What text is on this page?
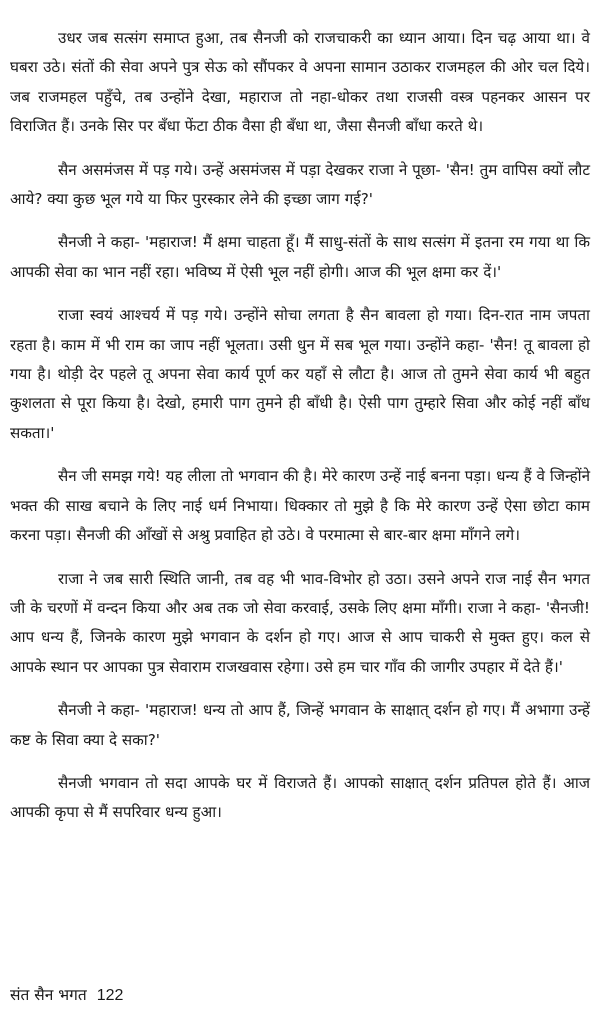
उधर जब सत्संग समाप्त हुआ, तब सैनजी को राजचाकरी का ध्यान आया। दिन चढ़ आया था। वे घबरा उठे। संतों की सेवा अपने पुत्र सेऊ को सौंपकर वे अपना सामान उठाकर राजमहल की ओर चल दिये। जब राजमहल पहुँचे, तब उन्होंने देखा, महाराज तो नहा-धोकर तथा राजसी वस्त्र पहनकर आसन पर विराजित हैं। उनके सिर पर बँधा फेंटा ठीक वैसा ही बँधा था, जैसा सैनजी बाँधा करते थे।

सैन असमंजस में पड़ गये। उन्हें असमंजस में पड़ा देखकर राजा ने पूछा- 'सैन! तुम वापिस क्यों लौट आये? क्या कुछ भूल गये या फिर पुरस्कार लेने की इच्छा जाग गई?'

सैनजी ने कहा- 'महाराज! मैं क्षमा चाहता हूँ। मैं साधु-संतों के साथ सत्संग में इतना रम गया था कि आपकी सेवा का भान नहीं रहा। भविष्य में ऐसी भूल नहीं होगी। आज की भूल क्षमा कर दें।'

राजा स्वयं आश्चर्य में पड़ गये। उन्होंने सोचा लगता है सैन बावला हो गया। दिन-रात नाम जपता रहता है। काम में भी राम का जाप नहीं भूलता। उसी धुन में सब भूल गया। उन्होंने कहा- 'सैन! तू बावला हो गया है। थोड़ी देर पहले तू अपना सेवा कार्य पूर्ण कर यहाँ से लौटा है। आज तो तुमने सेवा कार्य भी बहुत कुशलता से पूरा किया है। देखो, हमारी पाग तुमने ही बाँधी है। ऐसी पाग तुम्हारे सिवा और कोई नहीं बाँध सकता।'

सैन जी समझ गये! यह लीला तो भगवान की है। मेरे कारण उन्हें नाई बनना पड़ा। धन्य हैं वे जिन्होंने भक्त की साख बचाने के लिए नाई धर्म निभाया। धिक्कार तो मुझे है कि मेरे कारण उन्हें ऐसा छोटा काम करना पड़ा। सैनजी की आँखों से अश्रु प्रवाहित हो उठे। वे परमात्मा से बार-बार क्षमा माँगने लगे।

राजा ने जब सारी स्थिति जानी, तब वह भी भाव-विभोर हो उठा। उसने अपने राज नाई सैन भगत जी के चरणों में वन्दन किया और अब तक जो सेवा करवाई, उसके लिए क्षमा माँगी। राजा ने कहा- 'सैनजी! आप धन्य हैं, जिनके कारण मुझे भगवान के दर्शन हो गए। आज से आप चाकरी से मुक्त हुए। कल से आपके स्थान पर आपका पुत्र सेवाराम राजखवास रहेगा। उसे हम चार गाँव की जागीर उपहार में देते हैं।'

सैनजी ने कहा- 'महाराज! धन्य तो आप हैं, जिन्हें भगवान के साक्षात् दर्शन हो गए। मैं अभागा उन्हें कष्ट के सिवा क्या दे सका?'

सैनजी भगवान तो सदा आपके घर में विराजते हैं। आपको साक्षात् दर्शन प्रतिपल होते हैं। आज आपकी कृपा से मैं सपरिवार धन्य हुआ।

संत सैन भगत 122
